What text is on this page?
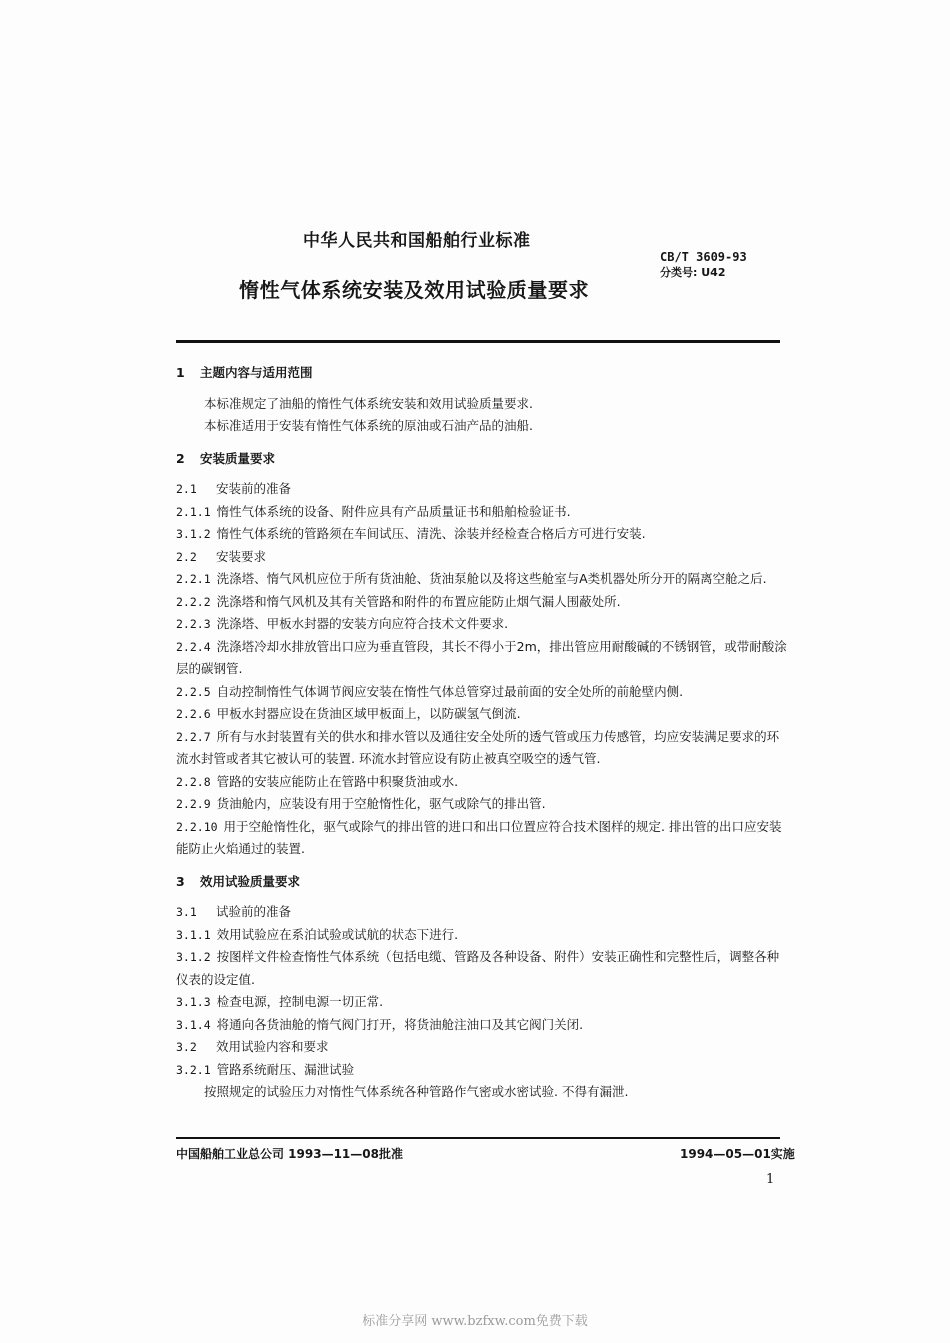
中华人民共和国船舶行业标准
CB/T 3609-93
分类号: U42
惰性气体系统安装及效用试验质量要求

1 主题内容与适用范围

本标准规定了油船的惰性气体系统安装和效用试验质量要求.

本标准适用于安装有惰性气体系统的原油或石油产品的油船.

2 安装质量要求

2.1 安装前的准备

2.1.1 惰性气体系统的设备、附件应具有产品质量证书和船舶检验证书.

3.1.2 惰性气体系统的管路须在车间试压、清洗、涂装并经检查合格后方可进行安装.

2.2 安装要求

2.2.1 洗涤塔、惰气风机应位于所有货油舱、货油泵舱以及将这些舱室与A类机器处所分开的隔离空舱之后.

2.2.2 洗涤塔和惰气风机及其有关管路和附件的布置应能防止烟气漏人围蔽处所.

2.2.3 洗涤塔、甲板水封器的安装方向应符合技术文件要求.

2.2.4 洗涤塔冷却水排放管出口应为垂直管段，其长不得小于2m，排出管应用耐酸碱的不锈钢管，或带耐酸涂层的碳钢管.

2.2.5 自动控制惰性气体调节阀应安装在惰性气体总管穿过最前面的安全处所的前舱壁内侧.

2.2.6 甲板水封器应设在货油区域甲板面上，以防碳氢气倒流.

2.2.7 所有与水封装置有关的供水和排水管以及通往安全处所的透气管或压力传感管，均应安装满足要求的环流水封管或者其它被认可的装置. 环流水封管应设有防止被真空吸空的透气管.

2.2.8 管路的安装应能防止在管路中积聚货油或水.

2.2.9 货油舱内，应装设有用于空舱惰性化，驱气或除气的排出管.

2.2.10 用于空舱惰性化，驱气或除气的排出管的进口和出口位置应符合技术图样的规定. 排出管的出口应安装能防止火焰通过的装置.

3 效用试验质量要求

3.1 试验前的准备

3.1.1 效用试验应在系泊试验或试航的状态下进行.

3.1.2 按图样文件检查惰性气体系统（包括电缆、管路及各种设备、附件）安装正确性和完整性后，调整各种仪表的设定值.

3.1.3 检查电源，控制电源一切正常.

3.1.4 将通向各货油舱的惰气阀门打开，将货油舱注油口及其它阀门关闭.

3.2 效用试验内容和要求

3.2.1 管路系统耐压、漏泄试验

按照规定的试验压力对惰性气体系统各种管路作气密或水密试验. 不得有漏泄.

中国船舶工业总公司 1993—11—08批准	1994—05—01实施
1
标准分享网 www.bzfxw.com免费下载
